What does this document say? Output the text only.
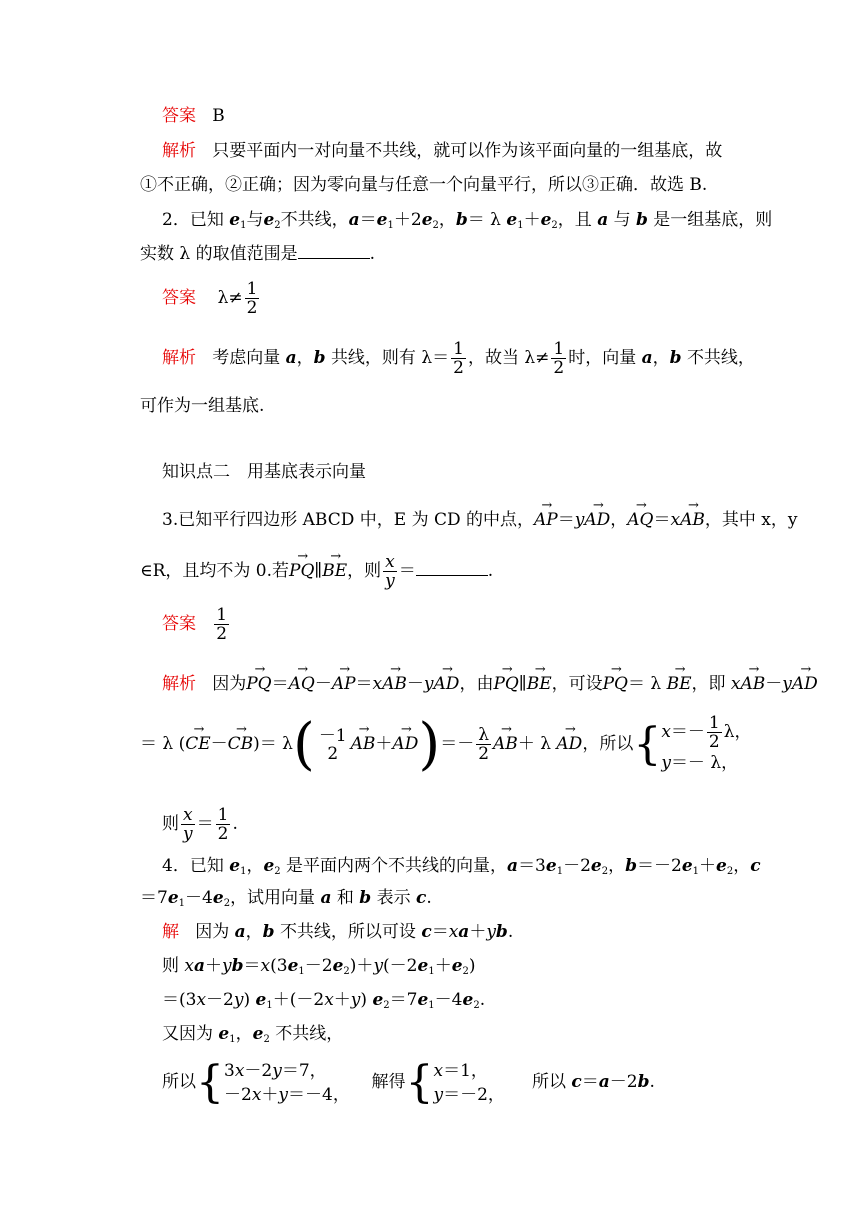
答案 B
解析 只要平面内一对向量不共线，就可以作为该平面向量的一组基底，故
①不正确，②正确；因为零向量与任意一个向量平行，所以③正确．故选 B.
2．已知 $e_1$与$e_2$不共线，$a=e_1+2e_2$，b＝ λ $e_1+e_2$，且 a 与 b 是一组基底，则
实数 λ 的取值范围是	.
答案    $\lambda\ne \frac{1}{2}$
解析 考虑向量 a，b 共线，则有 $\lambda= \frac{1}{2}$ ，故当 $\lambda\ne \frac{1}{2}$ 时，向量 a，b 不共线，
可作为一组基底.
知识点二　用基底表示向量
3.已知平行四边形 ABCD 中，E 为 CD 的中点，→ AP＝y→ AD，→ AQ＝x→ AB，其中 x，y
∈R，且均不为 0.若→ PQ∥→ BE，则 $\frac{x}{y}$ ＝	.
答案 $\frac{1}{2}$
解析 因为→ PQ＝→ AQ－→ AP＝x→ AB－y→ AD，由→ PQ∥→ BE，可设→ PQ＝ λ → BE，即 x→ AB－y→ AD
＝ λ (→ CE－→ CB)＝ λ( －1
2
→ $AB+\to AD)=- \frac{\lambda}{2}$
→ AB＋ λ → AD，所以{$x=- \frac{1}{2}$ λ，
y＝－ λ，
则 $\frac{x}{y} = \frac{1}{2}$ .
4．已知 $e_1$，$e_2$ 是平面内两个不共线的向量，$a=3e_1-2e_2$，$b=-2e_1+e_2$，c
$=7e_1-4e_2$，试用向量 a 和 b 表示 c.
解 因为 a，b 不共线，所以可设 c＝xa＋yb.
则 $xa+yb=x(3e_1-2e_2)+y(-2e_1+e_2)$
＝(3x－2y) $e_1+(-2x+y)$ $e_2=7e_1-4e_2$.
又因为 $e_1$，$e_2$ 不共线，
所以{3x－2y＝7，
－2x＋y＝－4，    解得{x＝1，
y＝－2，     所以 c＝a－2b.
